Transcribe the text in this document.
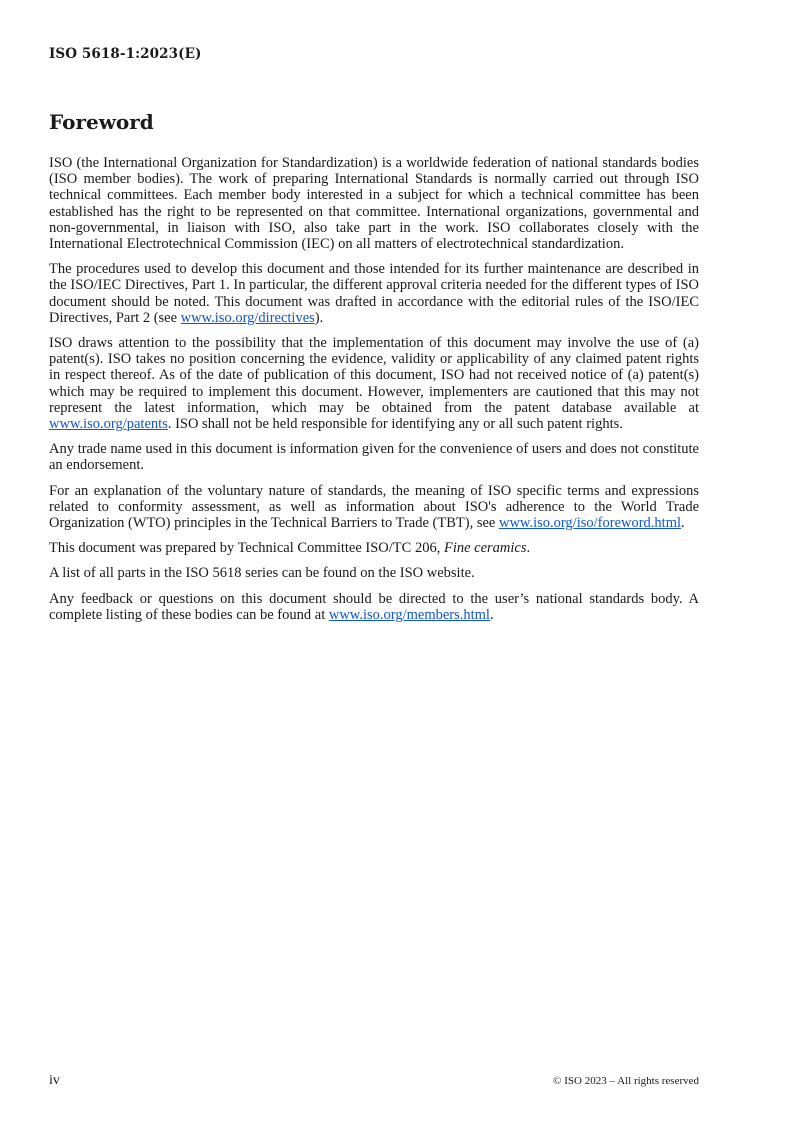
ISO 5618-1:2023(E)
Foreword

ISO (the International Organization for Standardization) is a worldwide federation of national standards bodies (ISO member bodies). The work of preparing International Standards is normally carried out through ISO technical committees. Each member body interested in a subject for which a technical committee has been established has the right to be represented on that committee. International organizations, governmental and non-governmental, in liaison with ISO, also take part in the work. ISO collaborates closely with the International Electrotechnical Commission (IEC) on all matters of electrotechnical standardization.

The procedures used to develop this document and those intended for its further maintenance are described in the ISO/IEC Directives, Part 1. In particular, the different approval criteria needed for the different types of ISO document should be noted. This document was drafted in accordance with the editorial rules of the ISO/IEC Directives, Part 2 (see www.iso.org/directives).

ISO draws attention to the possibility that the implementation of this document may involve the use of (a) patent(s). ISO takes no position concerning the evidence, validity or applicability of any claimed patent rights in respect thereof. As of the date of publication of this document, ISO had not received notice of (a) patent(s) which may be required to implement this document. However, implementers are cautioned that this may not represent the latest information, which may be obtained from the patent database available at www.iso.org/patents. ISO shall not be held responsible for identifying any or all such patent rights.

Any trade name used in this document is information given for the convenience of users and does not constitute an endorsement.

For an explanation of the voluntary nature of standards, the meaning of ISO specific terms and expressions related to conformity assessment, as well as information about ISO's adherence to the World Trade Organization (WTO) principles in the Technical Barriers to Trade (TBT), see www.iso.org/iso/foreword.html.

This document was prepared by Technical Committee ISO/TC 206, Fine ceramics.

A list of all parts in the ISO 5618 series can be found on the ISO website.

Any feedback or questions on this document should be directed to the user’s national standards body. A complete listing of these bodies can be found at www.iso.org/members.html.

iv	© ISO 2023 – All rights reserved
